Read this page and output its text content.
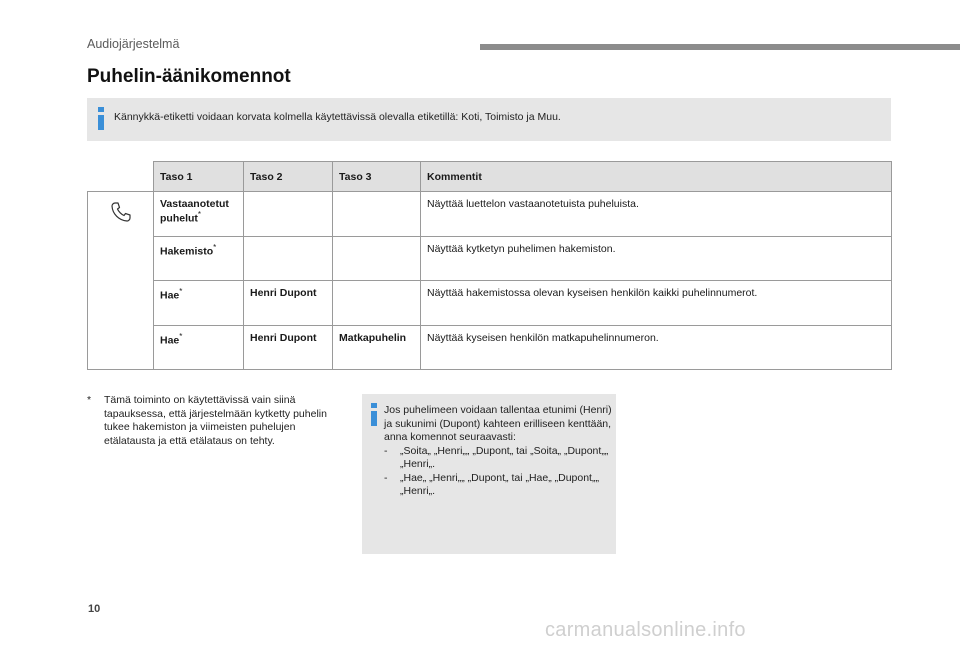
Audiojärjestelmä
Puhelin-äänikomennot
Kännykkä-etiketti voidaan korvata kolmella käytettävissä olevalla etiketillä: Koti, Toimisto ja Muu.
	Taso 1	Taso 2	Taso 3	Kommentit
	Vastaanotetut puhelut*			Näyttää luettelon vastaanotetuista puheluista.
	Hakemisto*			Näyttää kytketyn puhelimen hakemiston.
	Hae*	Henri Dupont		Näyttää hakemistossa olevan kyseisen henkilön kaikki puhelinnumerot.
	Hae*	Henri Dupont	Matkapuhelin	Näyttää kyseisen henkilön matkapuhelinnumeron.
* Tämä toiminto on käytettävissä vain siinä tapauksessa, että järjestelmään kytketty puhelin tukee hakemiston ja viimeisten puhelujen etälatausta ja että etälataus on tehty.
Jos puhelimeen voidaan tallentaa etunimi (Henri) ja sukunimi (Dupont) kahteen erilliseen kenttään, anna komennot seuraavasti:
-	„Soita„ „Henri„„ „Dupont„ tai „Soita„ „Dupont„„ „Henri„.
-	„Hae„ „Henri„„ „Dupont„ tai „Hae„ „Dupont„„ „Henri„.
10
carmanualsonline.info
